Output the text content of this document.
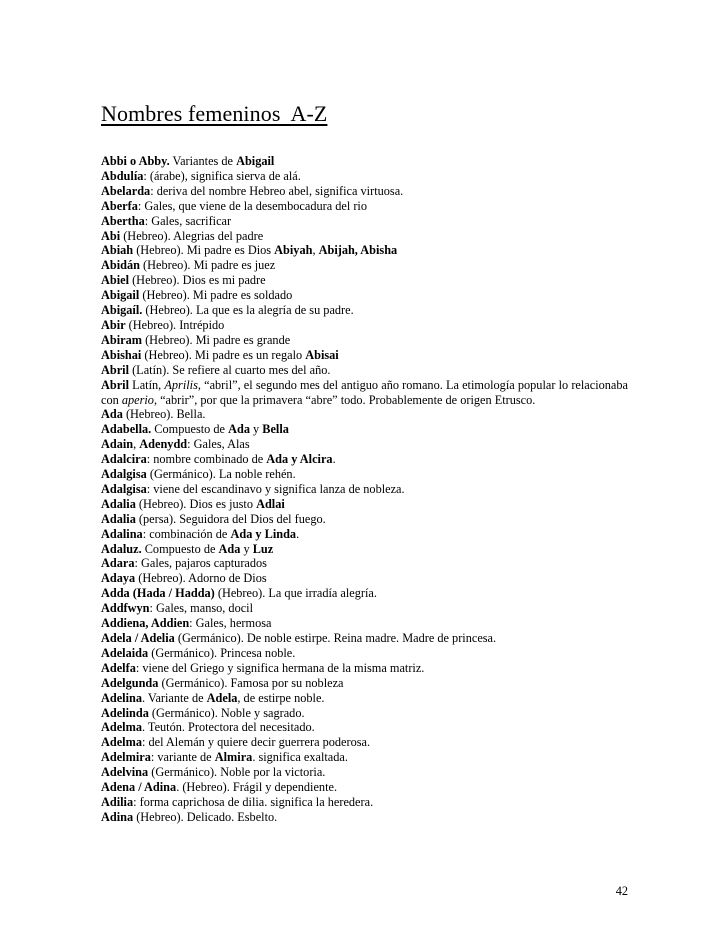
Nombres femeninos  A-Z
Abbi o Abby. Variantes de Abigail
Abdulía: (árabe), significa sierva de alá.
Abelarda: deriva del nombre Hebreo abel, significa virtuosa.
Aberfa: Gales, que viene de la desembocadura del rio
Abertha: Gales, sacrificar
Abi (Hebreo). Alegrias del padre
Abiah (Hebreo). Mi padre es Dios Abiyah, Abijah, Abisha
Abidán (Hebreo). Mi padre es juez
Abiel (Hebreo). Dios es mi padre
Abigail (Hebreo). Mi padre es soldado
Abigaíl. (Hebreo). La que es la alegría de su padre.
Abir (Hebreo). Intrépido
Abiram (Hebreo). Mi padre es grande
Abishai (Hebreo). Mi padre es un regalo Abisai
Abril (Latín). Se refiere al cuarto mes del año.
Abril Latín, Aprilis, “abril”, el segundo mes del antiguo año romano. La etimología popular lo relacionaba con aperio, “abrir”, por que la primavera “abre” todo. Probablemente de origen Etrusco.
Ada (Hebreo). Bella.
Adabella. Compuesto de Ada y Bella
Adain, Adenydd: Gales, Alas
Adalcira: nombre combinado de Ada y Alcira.
Adalgisa (Germánico). La noble rehén.
Adalgisa: viene del escandinavo y significa lanza de nobleza.
Adalia (Hebreo). Dios es justo Adlai
Adalia (persa). Seguidora del Dios del fuego.
Adalina: combinación de Ada y Linda.
Adaluz. Compuesto de Ada y Luz
Adara: Gales, pajaros capturados
Adaya (Hebreo). Adorno de Dios
Adda (Hada / Hadda) (Hebreo). La que irradía alegría.
Addfwyn: Gales, manso, docil
Addiena, Addien: Gales, hermosa
Adela / Adelia (Germánico). De noble estirpe. Reina madre. Madre de princesa.
Adelaida (Germánico). Princesa noble.
Adelfa: viene del Griego y significa hermana de la misma matriz.
Adelgunda (Germánico). Famosa por su nobleza
Adelina. Variante de Adela, de estirpe noble.
Adelinda (Germánico). Noble y sagrado.
Adelma. Teutón. Protectora del necesitado.
Adelma: del Alemán y quiere decir guerrera poderosa.
Adelmira: variante de Almira. significa exaltada.
Adelvina (Germánico). Noble por la victoria.
Adena / Adina. (Hebreo). Frágil y dependiente.
Adilia: forma caprichosa de dilia. significa la heredera.
Adina (Hebreo). Delicado. Esbelto.
42
